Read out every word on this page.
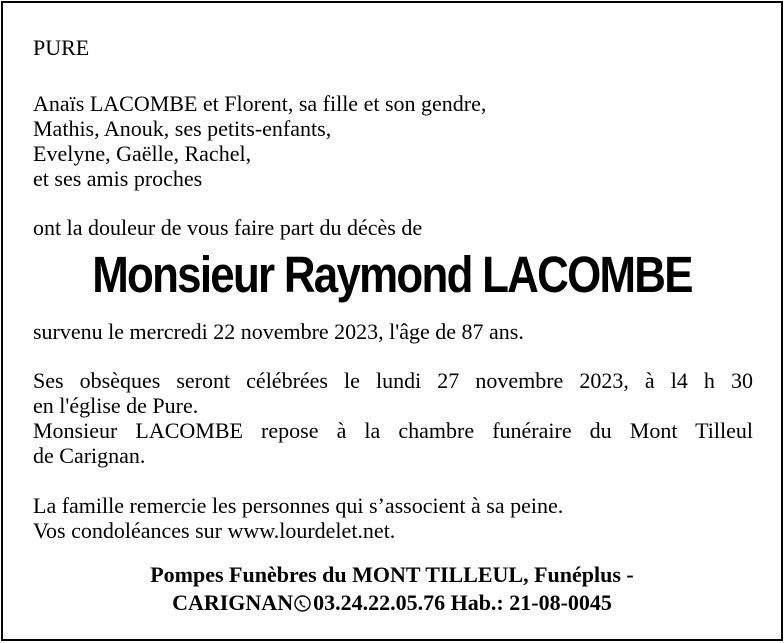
PURE
Anaïs LACOMBE et Florent, sa fille et son gendre,
Mathis, Anouk, ses petits-enfants,
Evelyne, Gaëlle, Rachel,
et ses amis proches
ont la douleur de vous faire part du décès de
Monsieur Raymond LACOMBE
survenu le mercredi 22 novembre 2023, l'âge de 87 ans.
Ses obsèques seront célébrées le lundi 27 novembre 2023, à l4 h 30
en l'église de Pure.
Monsieur LACOMBE repose à la chambre funéraire du Mont Tilleul
de Carignan.
La famille remercie les personnes qui s’associent à sa peine.
Vos condoléances sur www.lourdelet.net.
Pompes Funèbres du MONT TILLEUL, Funéplus -
CARIGNAN 03.24.22.05.76 Hab.: 21-08-0045
